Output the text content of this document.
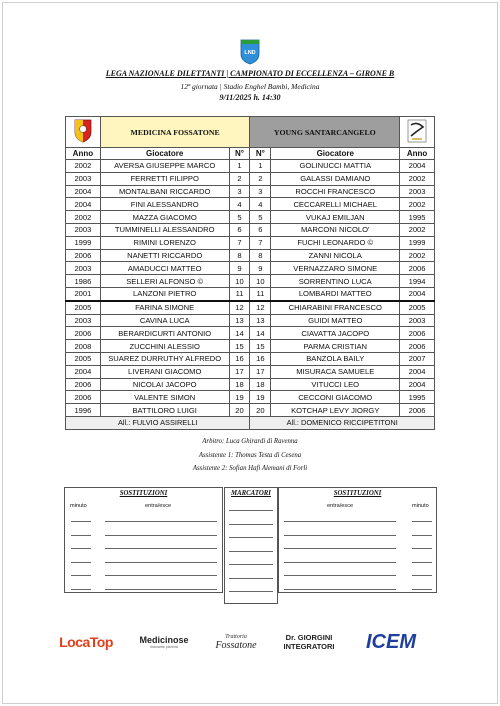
LND
LEGA NAZIONALE DILETTANTI | CAMPIONATO DI ECCELLENZA – GIRONE B
12ª giornata | Stadio Enghel Bambi, Medicina
9/11/2025 h. 14:30
	MEDICINA FOSSATONE		YOUNG SANTARCANGELO	
Anno	Giocatore	N°	N°	Giocatore	Anno
2002	AVERSA GIUSEPPE MARCO	1	1	GOLINUCCI MATTIA	2004
2003	FERRETTI FILIPPO	2	2	GALASSI DAMIANO	2002
2004	MONTALBANI RICCARDO	3	3	ROCCHI FRANCESCO	2003
2004	FINI ALESSANDRO	4	4	CECCARELLI MICHAEL	2002
2002	MAZZA GIACOMO	5	5	VUKAJ EMILJAN	1995
2003	TUMMINELLI ALESSANDRO	6	6	MARCONI NICOLO'	2002
1999	RIMINI LORENZO	7	7	FUCHI LEONARDO ©	1999
2006	NANETTI RICCARDO	8	8	ZANNI NICOLA	2002
2003	AMADUCCI MATTEO	9	9	VERNAZZARO SIMONE	2006
1986	SELLERI ALFONSO ©	10	10	SORRENTINO LUCA	1994
2001	LANZONI PIETRO	11	11	LOMBARDI MATTEO	2004
2005	FARINA SIMONE	12	12	CHIARABINI FRANCESCO	2005
2003	CAVINA LUCA	13	13	GUIDI MATTEO	2003
2006	BERARDICURTI ANTONIO	14	14	CIAVATTA JACOPO	2006
2008	ZUCCHINI ALESSIO	15	15	PARMA CRISTIAN	2006
2005	SUAREZ DURRUTHY ALFREDO	16	16	BANZOLA BAILY	2007
2004	LIVERANI GIACOMO	17	17	MISURACA SAMUELE	2004
2006	NICOLAI JACOPO	18	18	VITUCCI LEO	2004
2006	VALENTE SIMON	19	19	CECCONI GIACOMO	1995
1996	BATTILORO LUIGI	20	20	KOTCHAP LEVY JIORGY	2006
All.: FULVIO ASSIRELLI			All.: DOMENICO RICCIPETITONI		
Arbitro: Luca Ghirardi di Ravenna
Assistente 1: Thomas Testa di Cesena
Assistente 2: Sofian Hafi Alemani di Forlì
SOSTITUZIONI
minuto	entra/esce
MARCATORI	SOSTITUZIONI
entra/esce	minuto
LocaTop	Medicinose
ristorante pizzeria
Trattoria
Fossatone
Dr. GIORGINI
INTEGRATORI	ICEM
